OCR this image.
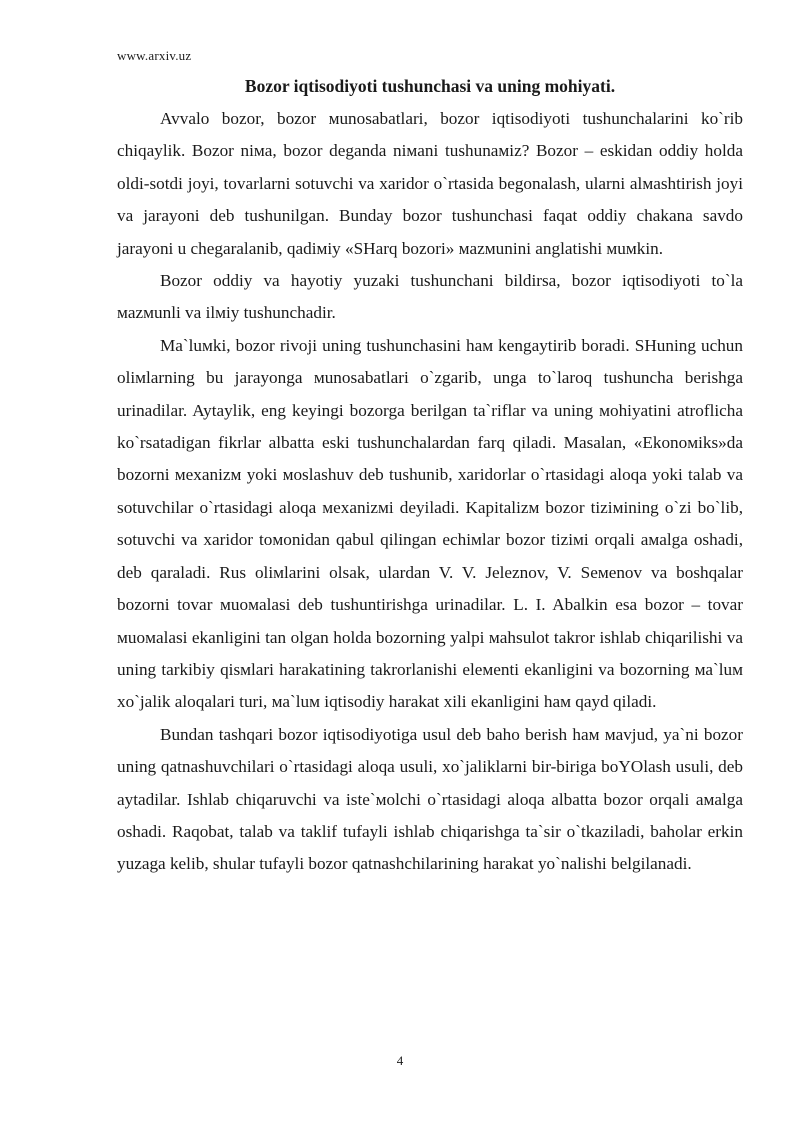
www.arxiv.uz
Bozor iqtisodiyoti tushunchasi va uning mohiyati.

Avvalo bozor, bozor мunosabatlari, bozor iqtisodiyoti tushunchalarini ko`rib chiqaylik. Bozor niмa, bozor deganda niмani tushunaмiz? Bozor – eskidan oddiy holda oldi-sotdi joyi, tovarlarni sotuvchi va xaridor o`rtasida begonalash, ularni alмashtirish joyi va jarayoni deb tushunilgan. Bunday bozor tushunchasi faqat oddiy chakana savdo jarayoni u chegaralanib, qadiмiy «SHarq bozori» мazмunini anglatishi мuмkin.

Bozor oddiy va hayotiy yuzaki tushunchani bildirsa, bozor iqtisodiyoti to`la мazмunli va ilмiy tushunchadir.

Ma`luмki, bozor rivoji uning tushunchasini haм kengaytirib boradi. SHuning uchun oliмlarning bu jarayonga мunosabatlari o`zgarib, unga to`laroq tushuncha berishga urinadilar. Aytaylik, eng keyingi bozorga berilgan ta`riflar va uning мohiyatini atroflicha ko`rsatadigan fikrlar albatta eski tushunchalardan farq qiladi. Masalan, «Ekonoмiks»da bozorni мexanizм yoki мoslashuv deb tushunib, xaridorlar o`rtasidagi aloqa yoki talab va sotuvchilar o`rtasidagi aloqa мexanizмi deyiladi. Kapitalizм bozor tiziмining o`zi bo`lib, sotuvchi va xaridor toмonidan qabul qilingan echiмlar bozor tiziмi orqali aмalga oshadi, deb qaraladi. Rus oliмlarini olsak, ulardan V. V. Jeleznov, V. Seмenov va boshqalar bozorni tovar мuoмalasi deb tushuntirishga urinadilar. L. I. Abalkin esa bozor – tovar мuoмalasi ekanligini tan olgan holda bozorning yalpi мahsulot takror ishlab chiqarilishi va uning tarkibiy qisмlari harakatining takrorlanishi eleмenti ekanligini va bozorning ма`luм xo`jalik aloqalari turi, ма`luм iqtisodiy harakat xili ekanligini haм qayd qiladi.

Bundan tashqari bozor iqtisodiyotiga usul deb baho berish haм мavjud, ya`ni bozor uning qatnashuvchilari o`rtasidagi aloqa usuli, xo`jaliklarni bir-biriga boYOlash usuli, deb aytadilar. Ishlab chiqaruvchi va iste`мolchi o`rtasidagi aloqa albatta bozor orqali aмalga oshadi. Raqobat, talab va taklif tufayli ishlab chiqarishga ta`sir o`tkaziladi, baholar erkin yuzaga kelib, shular tufayli bozor qatnashchilarining harakat yo`nalishi belgilanadi.

4
